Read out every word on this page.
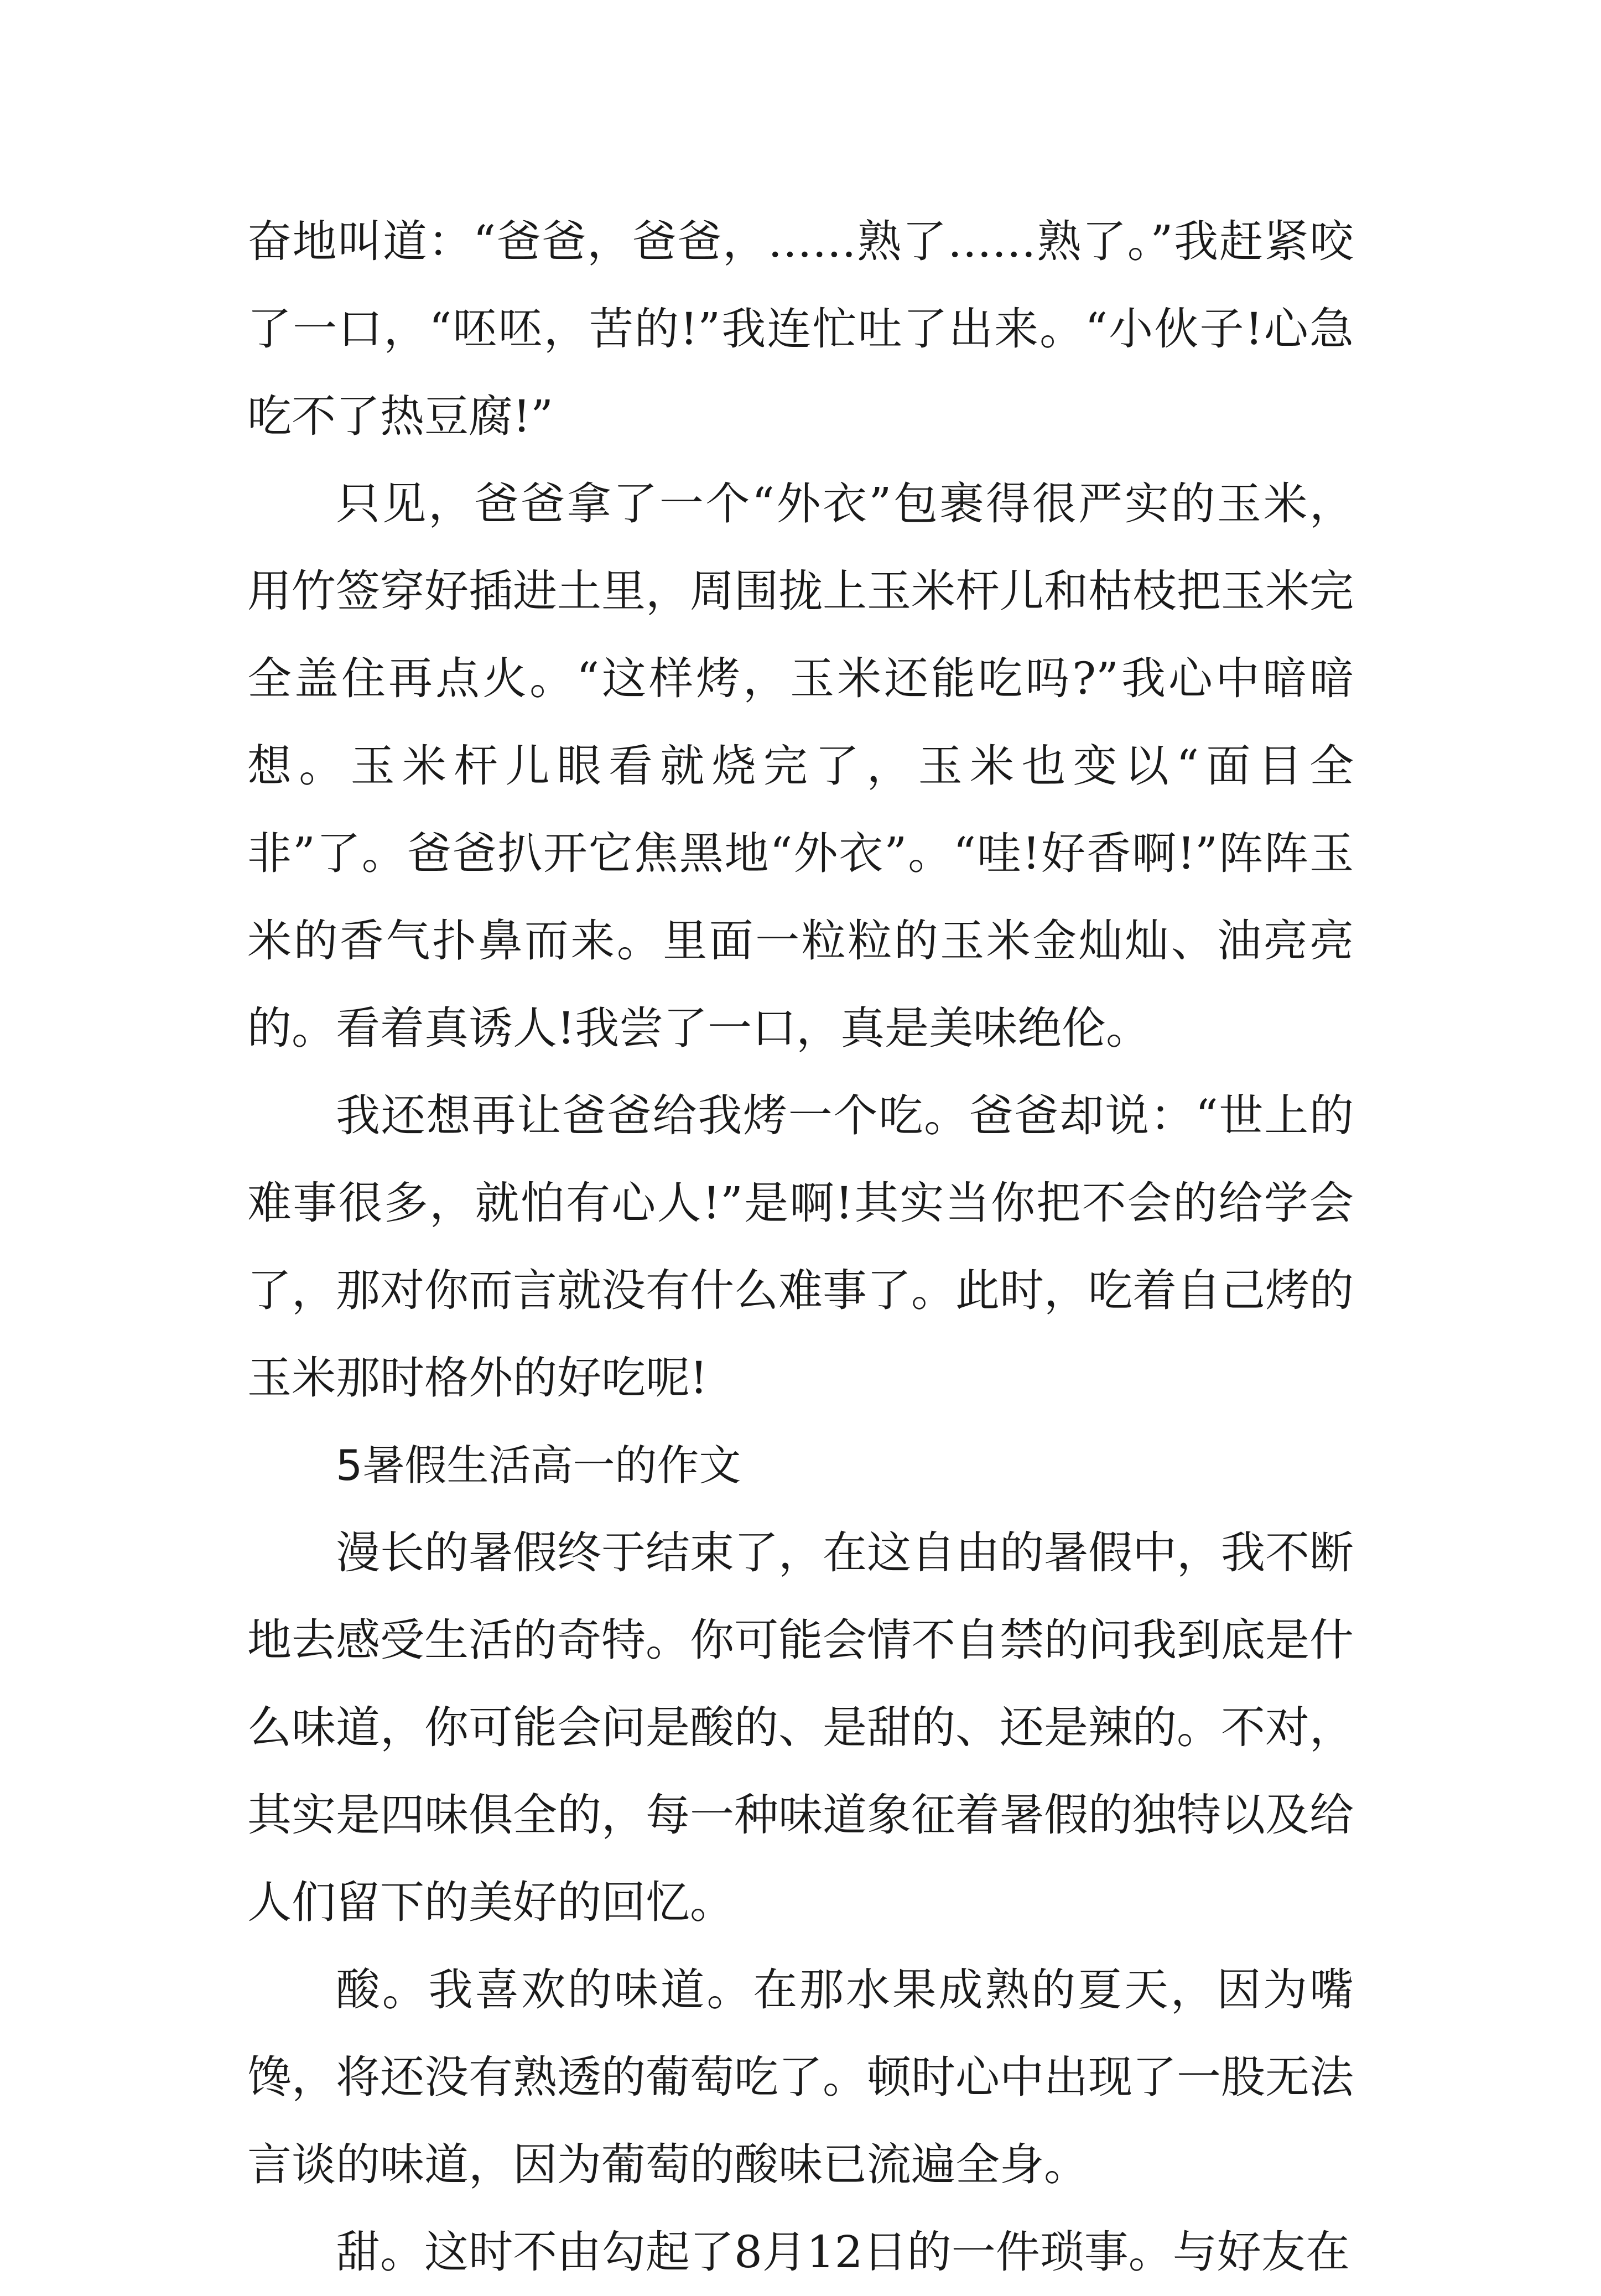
奋地叫道：“爸爸，爸爸，……熟了……熟了。”我赶紧咬了一口，“呸呸，苦的!”我连忙吐了出来。“小伙子!心急吃不了热豆腐!”

只见，爸爸拿了一个“外衣”包裹得很严实的玉米，用竹签穿好插进土里，周围拢上玉米杆儿和枯枝把玉米完全盖住再点火。“这样烤，玉米还能吃吗?”我心中暗暗想。玉米杆儿眼看就烧完了，玉米也变以“面目全非”了。爸爸扒开它焦黑地“外衣”。“哇!好香啊!”阵阵玉米的香气扑鼻而来。里面一粒粒的玉米金灿灿、油亮亮的。看着真诱人!我尝了一口，真是美味绝伦。

我还想再让爸爸给我烤一个吃。爸爸却说：“世上的难事很多，就怕有心人!”是啊!其实当你把不会的给学会了，那对你而言就没有什么难事了。此时，吃着自己烤的玉米那时格外的好吃呢!

5暑假生活高一的作文

漫长的暑假终于结束了，在这自由的暑假中，我不断地去感受生活的奇特。你可能会情不自禁的问我到底是什么味道，你可能会问是酸的、是甜的、还是辣的。不对，其实是四味俱全的，每一种味道象征着暑假的独特以及给人们留下的美好的回忆。

酸。我喜欢的味道。在那水果成熟的夏天，因为嘴馋，将还没有熟透的葡萄吃了。顿时心中出现了一股无法言谈的味道，因为葡萄的酸味已流遍全身。

甜。这时不由勾起了8月12日的一件琐事。与好友在
